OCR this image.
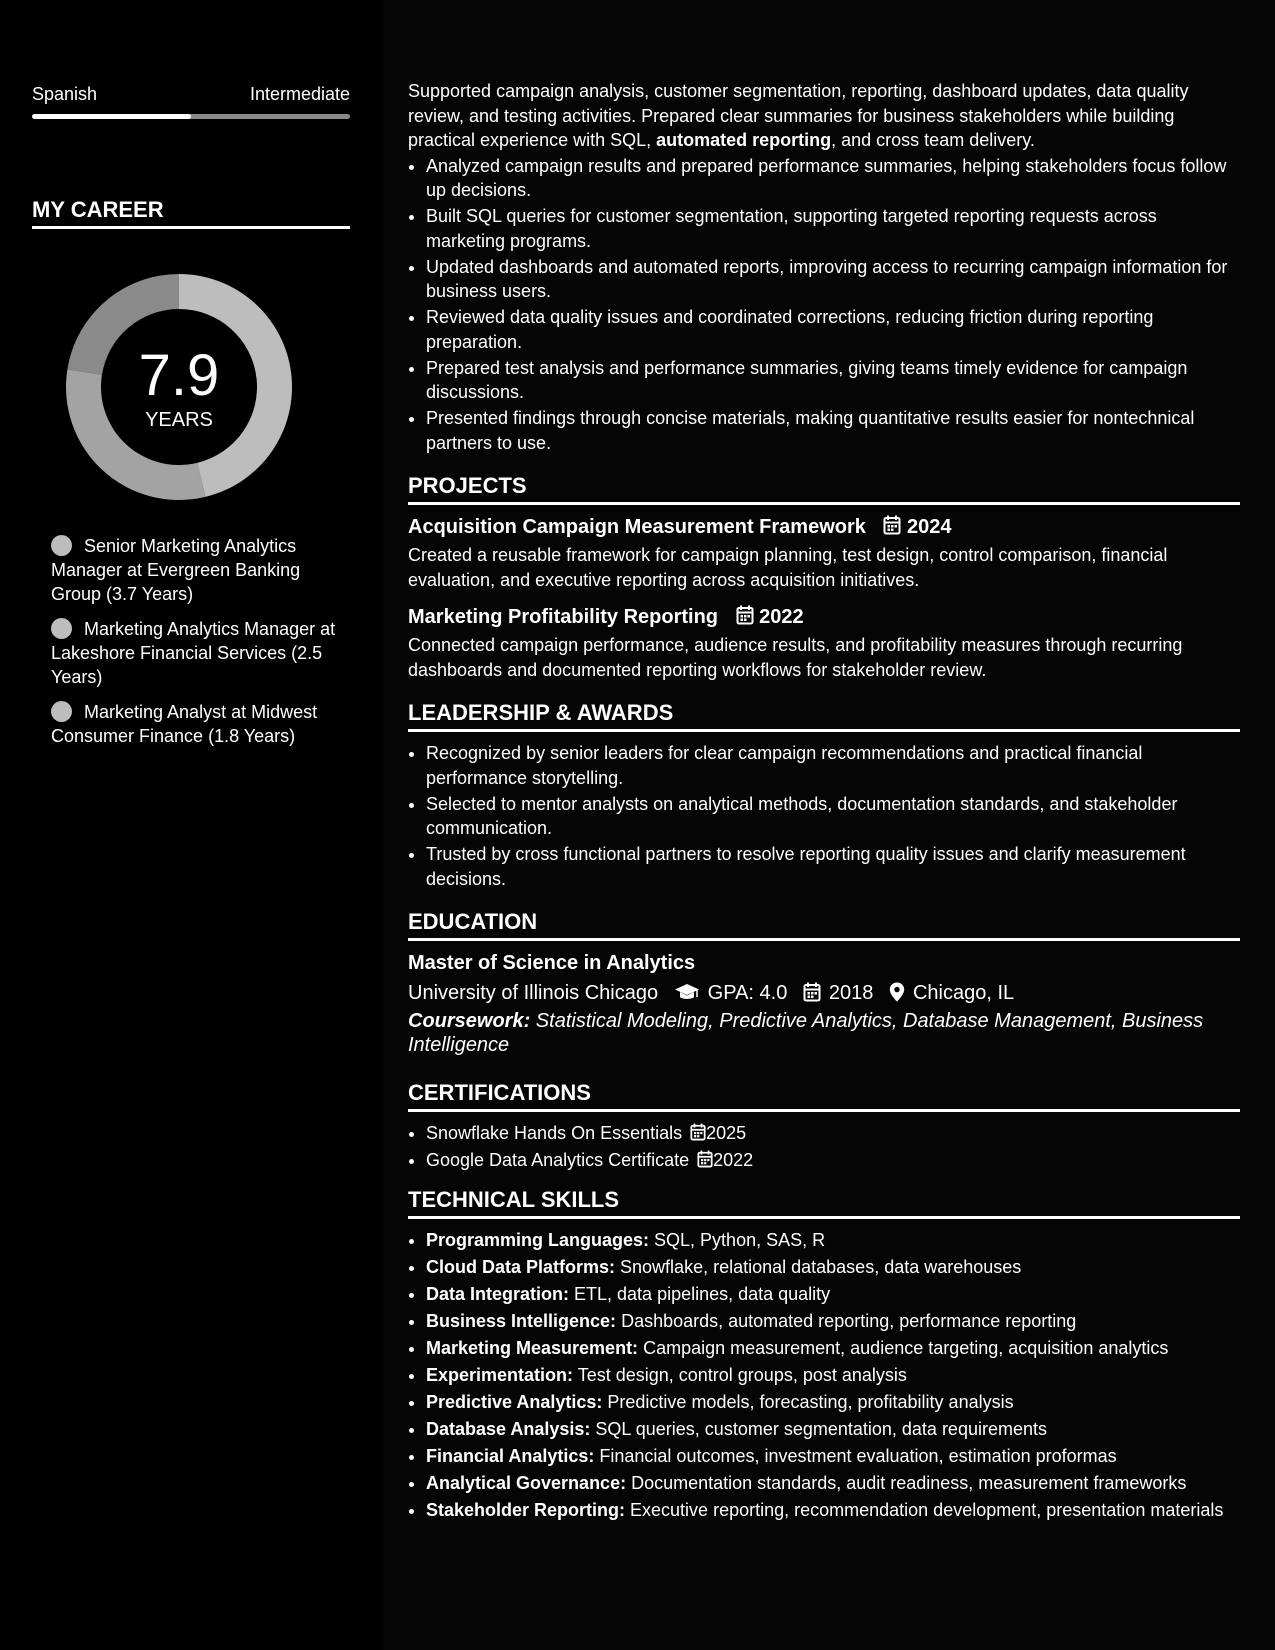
Spanish	Intermediate
MY CAREER
7.9
YEARS
Senior Marketing Analytics Manager at Evergreen Banking Group (3.7 Years)
Marketing Analytics Manager at Lakeshore Financial Services (2.5 Years)
Marketing Analyst at Midwest Consumer Finance (1.8 Years)

Supported campaign analysis, customer segmentation, reporting, dashboard updates, data quality review, and testing activities. Prepared clear summaries for business stakeholders while building practical experience with SQL, automated reporting, and cross team delivery.

• Analyzed campaign results and prepared performance summaries, helping stakeholders focus follow up decisions.
• Built SQL queries for customer segmentation, supporting targeted reporting requests across marketing programs.
• Updated dashboards and automated reports, improving access to recurring campaign information for business users.
• Reviewed data quality issues and coordinated corrections, reducing friction during reporting preparation.
• Prepared test analysis and performance summaries, giving teams timely evidence for campaign discussions.
• Presented findings through concise materials, making quantitative results easier for nontechnical partners to use.
PROJECTS
Acquisition Campaign Measurement Framework 2024
Created a reusable framework for campaign planning, test design, control comparison, financial evaluation, and executive reporting across acquisition initiatives.
Marketing Profitability Reporting 2022
Connected campaign performance, audience results, and profitability measures through recurring dashboards and documented reporting workflows for stakeholder review.
LEADERSHIP & AWARDS
• Recognized by senior leaders for clear campaign recommendations and practical financial performance storytelling.
• Selected to mentor analysts on analytical methods, documentation standards, and stakeholder communication.
• Trusted by cross functional partners to resolve reporting quality issues and clarify measurement decisions.
EDUCATION
Master of Science in Analytics
University of Illinois Chicago GPA: 4.0 2018 Chicago, IL
Coursework: Statistical Modeling, Predictive Analytics, Database Management, Business Intelligence
CERTIFICATIONS
• Snowflake Hands On Essentials 2025
• Google Data Analytics Certificate 2022
TECHNICAL SKILLS
• Programming Languages: SQL, Python, SAS, R
• Cloud Data Platforms: Snowflake, relational databases, data warehouses
• Data Integration: ETL, data pipelines, data quality
• Business Intelligence: Dashboards, automated reporting, performance reporting
• Marketing Measurement: Campaign measurement, audience targeting, acquisition analytics
• Experimentation: Test design, control groups, post analysis
• Predictive Analytics: Predictive models, forecasting, profitability analysis
• Database Analysis: SQL queries, customer segmentation, data requirements
• Financial Analytics: Financial outcomes, investment evaluation, estimation proformas
• Analytical Governance: Documentation standards, audit readiness, measurement frameworks
• Stakeholder Reporting: Executive reporting, recommendation development, presentation materials
